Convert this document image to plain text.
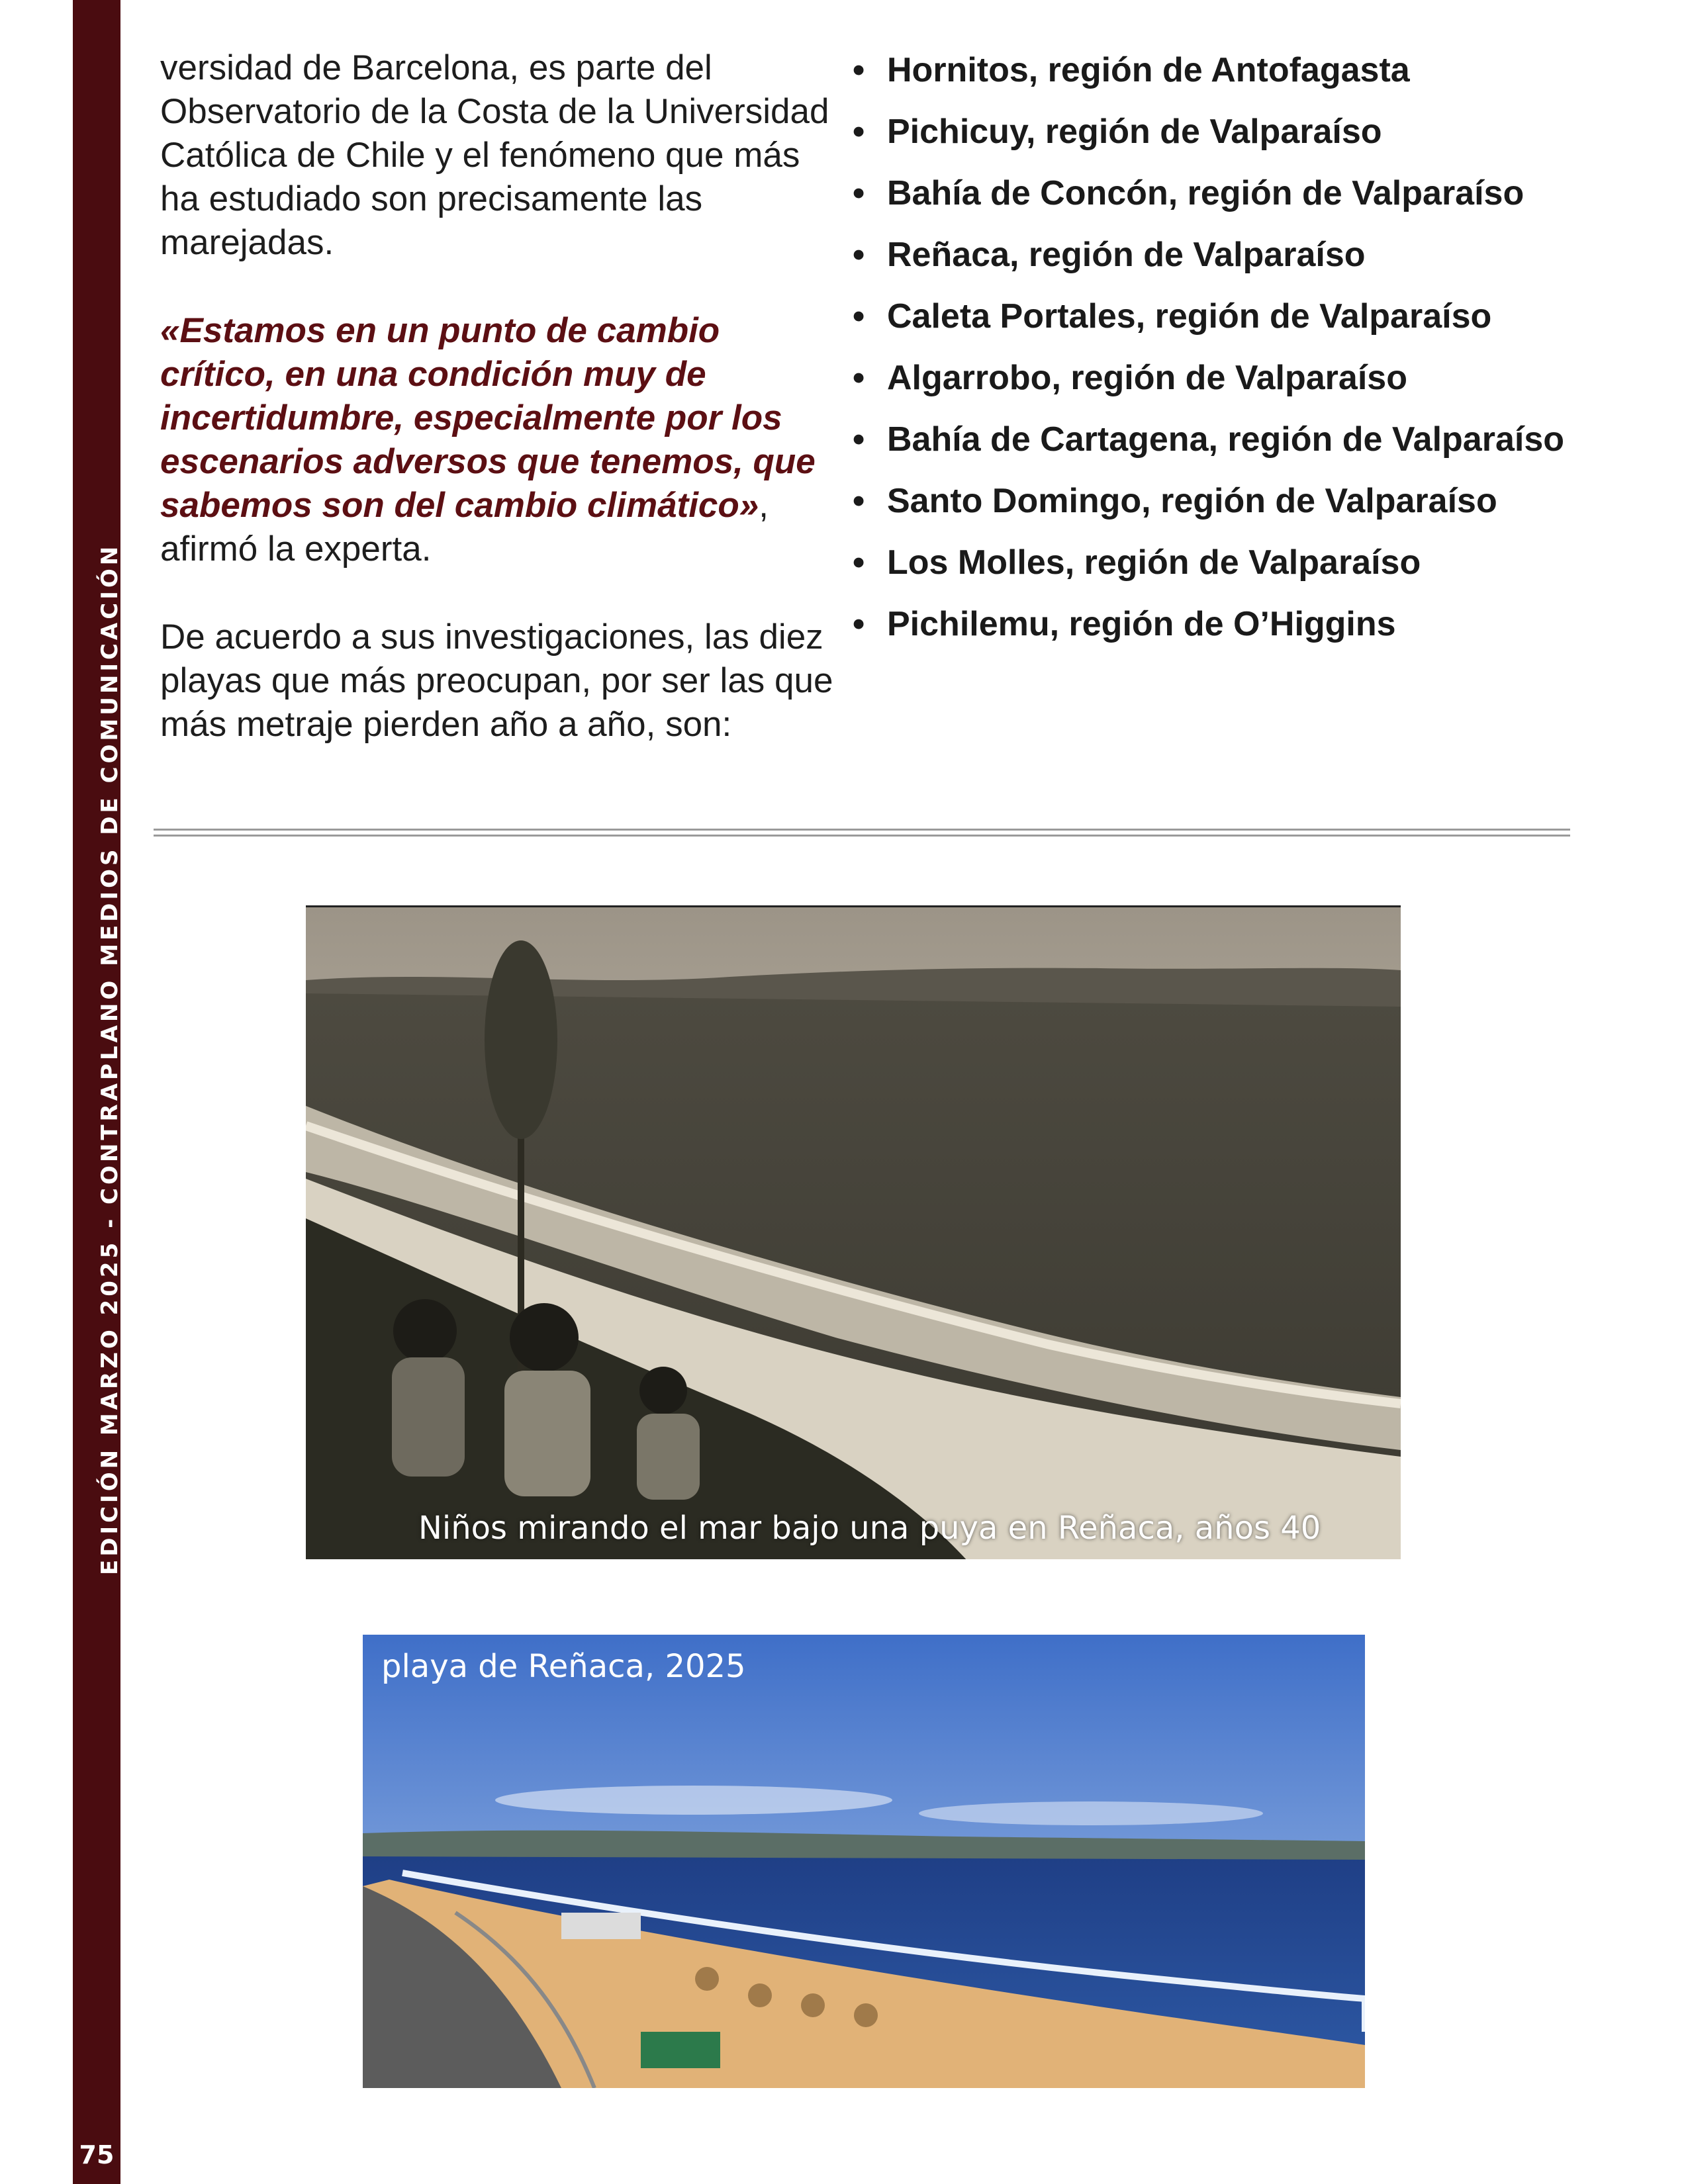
EDICIÓN MARZO 2025 - CONTRAPLANO MEDIOS DE COMUNICACIÓN
75

versidad de Barcelona, es parte del Observatorio de la Costa de la Universidad Católica de Chile y el fenómeno que más ha estudiado son precisamente las marejadas.

«Estamos en un punto de cambio crítico, en una condición muy de incertidumbre, especialmente por los escenarios adversos que tenemos, que sabemos son del cambio climático», afirmó la experta.

De acuerdo a sus investigaciones, las diez playas que más preocupan, por ser las que más metraje pierden año a año, son:

• Hornitos, región de Antofagasta
• Pichicuy, región de Valparaíso
• Bahía de Concón, región de Valparaíso
• Reñaca, región de Valparaíso
• Caleta Portales, región de Valparaíso
• Algarrobo, región de Valparaíso
• Bahía de Cartagena, región de Valparaíso
• Santo Domingo, región de Valparaíso
• Los Molles, región de Valparaíso
• Pichilemu, región de O’Higgins
Niños mirando el mar bajo una puya en Reñaca, años 40
playa de Reñaca, 2025
